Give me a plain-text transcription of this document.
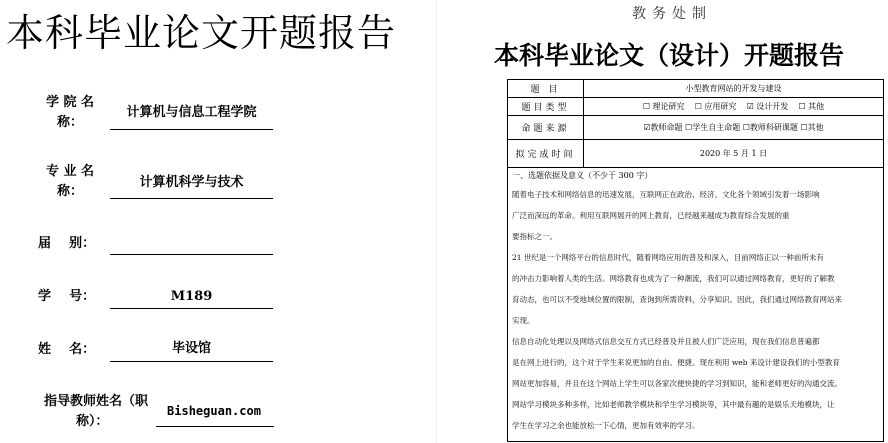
本科毕业论文开题报告
学 院 名
称：
计算机与信息工程学院
专 业 名
称：
计算机科学与技术
届    别：
学    号：	M189
姓    名：	毕设馆
指导教师姓名（职
称）：
Bisheguan.com
教务处制
本科毕业论文（设计）开题报告
题 目	小型教育网站的开发与建设
题目类型	☐ 理论研究    ☐ 应用研究    ☑ 设计开发    ☐ 其他
命题来源	☑教师命题 ☐学生自主命题 ☐教师科研课题 ☐其他
拟完成时间	2020 年 5 月 1 日
一、选题依据及意义（不少于 300 字）
随着电子技术和网络信息的迅速发展，互联网正在政治、经济、文化各个领域引发着一场影响
广泛而深远的革命。利用互联网展开的网上教育，已经越来越成为教育综合发展的重
要指标之一。
21 世纪是一个网络平台的信息时代，随着网络应用的普及和深入，目前网络正以一种前所未有
的冲击力影响着人类的生活。网络教育也成为了一种潮流，我们可以通过网络教育，更好的了解教
育动态，也可以不受地域位置的限制，查询到所需资料，分享知识。因此，我们通过网络教育网站来
实现。
信息自动化处理以及网络式信息交互方式已经普及并且被人们广泛应用，现在我们信息普遍都
是在网上进行的，这个对于学生来说更加的自由、便捷。现在利用 web 来设计建设我们的小型教育
网站更加容易，并且在这个网站上学生可以各家次便快捷的学习到知识，能和老师更好的沟通交流。
网站学习模块多种多样，比如老师教学模块和学生学习模块等，其中最有趣的是娱乐天地模块，让
学生在学习之余也能放松一下心情，更加有效率的学习。
